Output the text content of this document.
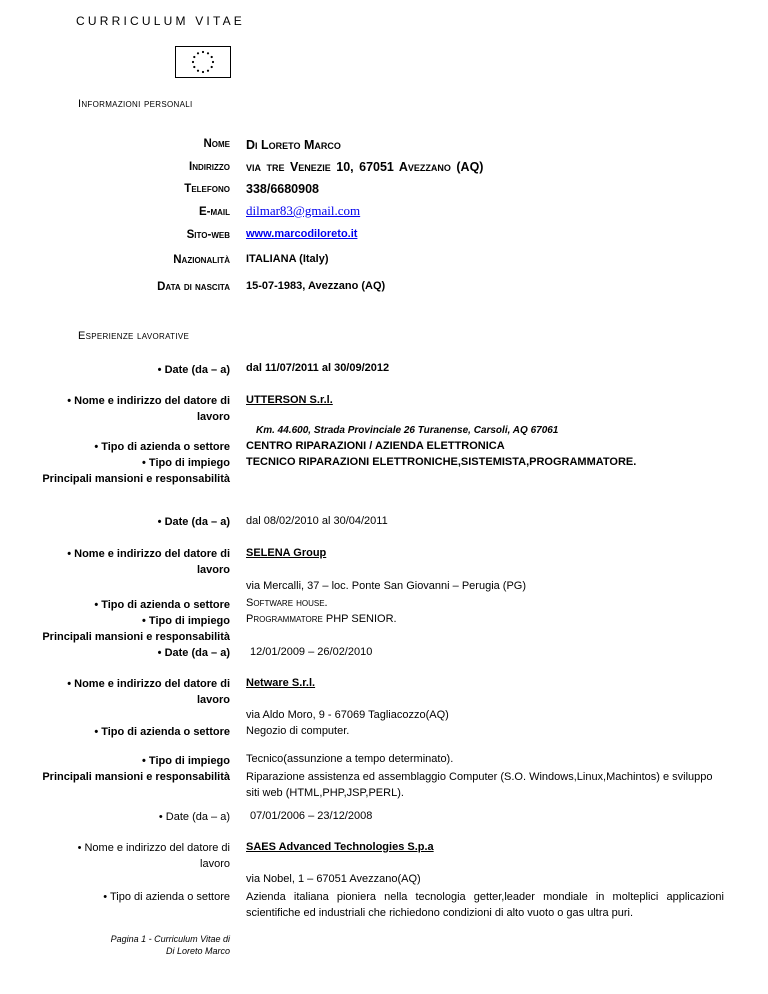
CURRICULUM VITAE
Informazioni personali
Nome Di Loreto Marco
Indirizzo via tre Venezie 10, 67051 Avezzano (AQ)
Telefono 338/6680908
E-mail dilmar83@gmail.com
Sito-web www.marcodiloreto.it
Nazionalità ITALIANA (Italy)
Data di nascita 15-07-1983, Avezzano (AQ)
Esperienze lavorative
• Date (da – a) dal 11/07/2011 al 30/09/2012
• Nome e indirizzo del datore di
lavoro
UTTERSON S.r.l.
Km. 44.600, Strada Provinciale 26 Turanense, Carsoli, AQ 67061
• Tipo di azienda o settore
• Tipo di impiego
Principali mansioni e responsabilità
CENTRO RIPARAZIONI / AZIENDA ELETTRONICA
TECNICO RIPARAZIONI ELETTRONICHE,SISTEMISTA,PROGRAMMATORE.
• Date (da – a) dal 08/02/2010 al 30/04/2011
• Nome e indirizzo del datore di
lavoro
SELENA Group
via Mercalli, 37 – loc. Ponte San Giovanni – Perugia (PG)
• Tipo di azienda o settore
• Tipo di impiego
Principali mansioni e responsabilità
• Date (da – a)
Software house.
Programmatore PHP SENIOR.
12/01/2009 – 26/02/2010
• Nome e indirizzo del datore di
lavoro
Netware S.r.l.
• Tipo di azienda o settore
via Aldo Moro, 9 - 67069 Tagliacozzo(AQ)
Negozio di computer.
• Tipo di impiego
Principali mansioni e responsabilità
Tecnico(assunzione a tempo determinato).
Riparazione assistenza ed assemblaggio Computer (S.O. Windows,Linux,Machintos) e sviluppo siti web (HTML,PHP,JSP,PERL).
• Date (da – a) 07/01/2006 – 23/12/2008
• Nome e indirizzo del datore di
lavoro
SAES Advanced Technologies S.p.a
via Nobel, 1 – 67051 Avezzano(AQ)
• Tipo di azienda o settore Azienda italiana pioniera nella tecnologia getter,leader mondiale in molteplici applicazioni scientifiche ed industriali che richiedono condizioni di alto vuoto o gas ultra puri.
Pagina 1 - Curriculum Vitae di
Di Loreto Marco
